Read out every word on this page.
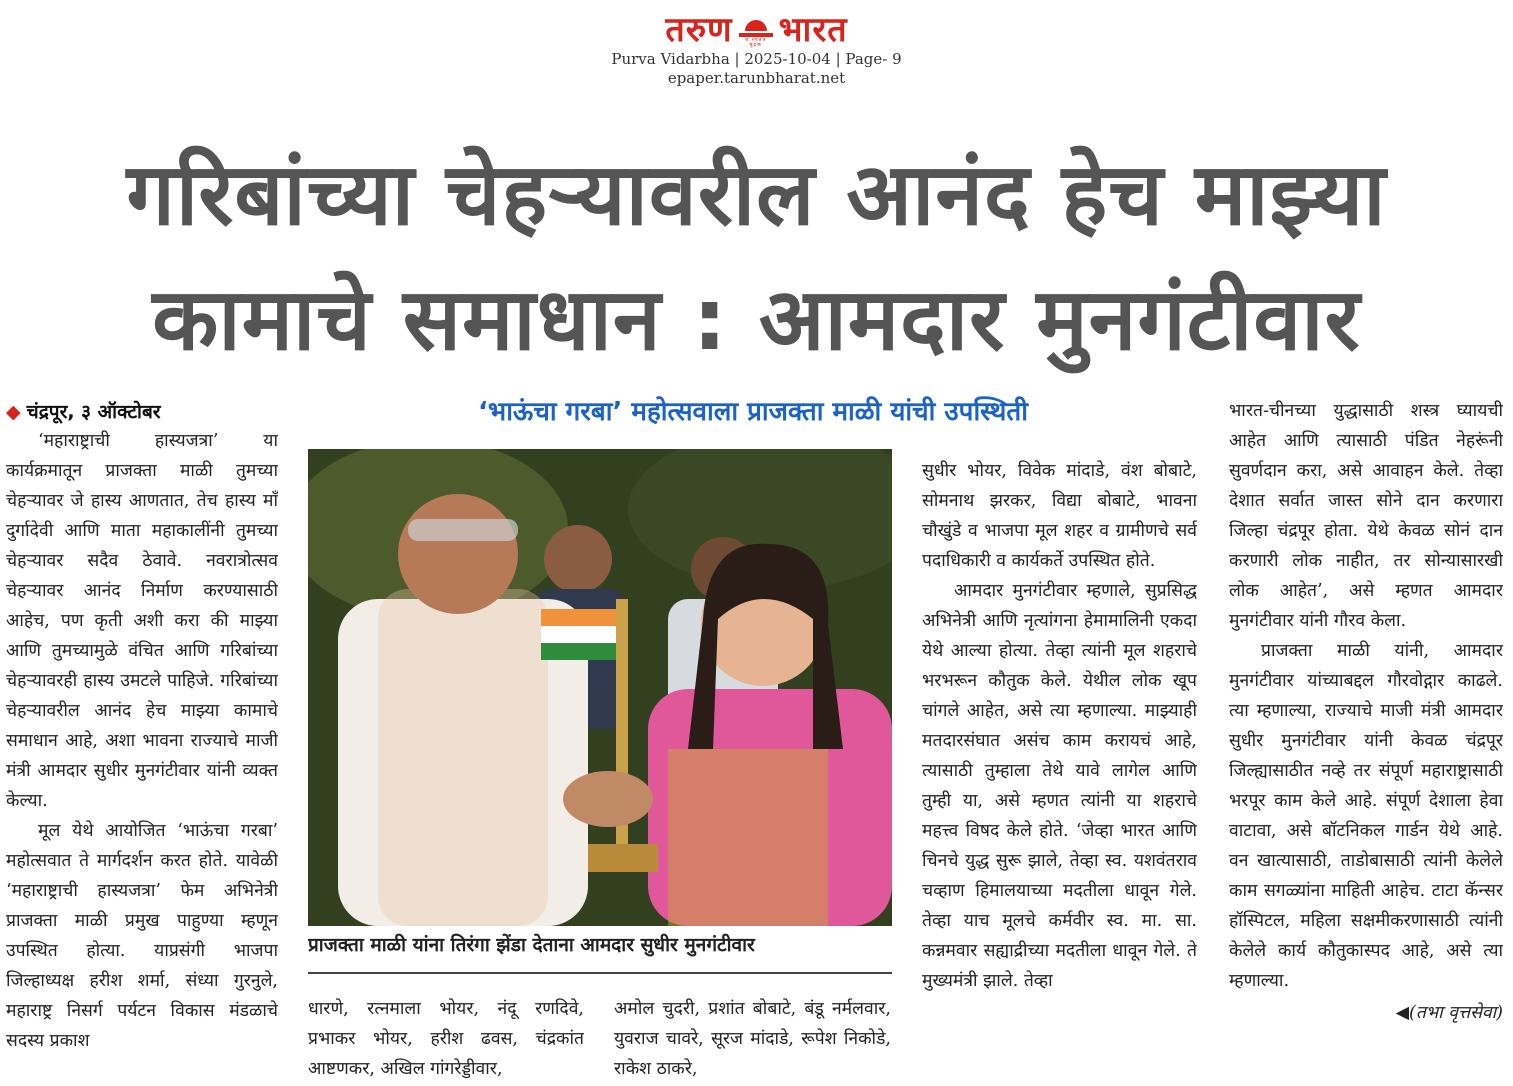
तरुण	रा.स्वतंत्र मुद्रक भारत
Purva Vidarbha | 2025-10-04 | Page- 9
epaper.tarunbharat.net
गरिबांच्या चेहऱ्यावरील आनंद हेच माझ्या
कामाचे समाधान : आमदार मुनगंटीवार
◆ चंद्रपूर, ३ ऑक्टोबर	‘भाऊंचा गरबा’ महोत्सवाला प्राजक्ता माळी यांची उपस्थिती

‘महाराष्ट्राची हास्यजत्रा’ या कार्यक्रमातून प्राजक्ता माळी तुमच्या चेहऱ्यावर जे हास्य आणतात, तेच हास्य माँ दुर्गादेवी आणि माता महाकालींनी तुमच्या चेहऱ्यावर सदैव ठेवावे. नवरात्रोत्सव चेहऱ्यावर आनंद निर्माण करण्यासाठी आहेच, पण कृती अशी करा की माझ्या आणि तुमच्यामुळे वंचित आणि गरिबांच्या चेहऱ्यावरही हास्य उमटले पाहिजे. गरिबांच्या चेहऱ्यावरील आनंद हेच माझ्या कामाचे समाधान आहे, अशा भावना राज्याचे माजी मंत्री आमदार सुधीर मुनगंटीवार यांनी व्यक्त केल्या.

मूल येथे आयोजित ‘भाऊंचा गरबा’ महोत्सवात ते मार्गदर्शन करत होते. यावेळी ‘महाराष्ट्राची हास्यजत्रा’ फेम अभिनेत्री प्राजक्ता माळी प्रमुख पाहुण्या म्हणून उपस्थित होत्या. याप्रसंगी भाजपा जिल्हाध्यक्ष हरीश शर्मा, संध्या गुरनुले, महाराष्ट्र निसर्ग पर्यटन विकास मंडळाचे सदस्य प्रकाश

प्राजक्ता माळी यांना तिरंगा झेंडा देताना आमदार सुधीर मुनगंटीवार

धारणे, रत्नमाला भोयर, नंदू रणदिवे, प्रभाकर भोयर, हरीश ढवस, चंद्रकांत आष्टणकर, अखिल गांगरेड्डीवार,

अमोल चुदरी, प्रशांत बोबाटे, बंडू नर्मलवार, युवराज चावरे, सूरज मांदाडे, रूपेश निकोडे, राकेश ठाकरे,

सुधीर भोयर, विवेक मांदाडे, वंश बोबाटे, सोमनाथ झरकर, विद्या बोबाटे, भावना चौखुंडे व भाजपा मूल शहर व ग्रामीणचे सर्व पदाधिकारी व कार्यकर्ते उपस्थित होते.

आमदार मुनगंटीवार म्हणाले, सुप्रसिद्ध अभिनेत्री आणि नृत्यांगना हेमामालिनी एकदा येथे आल्या होत्या. तेव्हा त्यांनी मूल शहराचे भरभरून कौतुक केले. येथील लोक खूप चांगले आहेत, असे त्या म्हणाल्या. माझ्याही मतदारसंघात असंच काम करायचं आहे, त्यासाठी तुम्हाला तेथे यावे लागेल आणि तुम्ही या, असे म्हणत त्यांनी या शहराचे महत्त्व विषद केले होते. ‘जेव्हा भारत आणि चिनचे युद्ध सुरू झाले, तेव्हा स्व. यशवंतराव चव्हाण हिमालयाच्या मदतीला धावून गेले. तेव्हा याच मूलचे कर्मवीर स्व. मा. सा. कन्नमवार सह्याद्रीच्या मदतीला धावून गेले. ते मुख्यमंत्री झाले. तेव्हा

भारत-चीनच्या युद्धासाठी शस्त्र घ्यायची आहेत आणि त्यासाठी पंडित नेहरूंनी सुवर्णदान करा, असे आवाहन केले. तेव्हा देशात सर्वात जास्त सोने दान करणारा जिल्हा चंद्रपूर होता. येथे केवळ सोनं दान करणारी लोक नाहीत, तर सोन्यासारखी लोक आहेत’, असे म्हणत आमदार मुनगंटीवार यांनी गौरव केला.

प्राजक्ता माळी यांनी, आमदार मुनगंटीवार यांच्याबद्दल गौरवोद्गार काढले. त्या म्हणाल्या, राज्याचे माजी मंत्री आमदार सुधीर मुनगंटीवार यांनी केवळ चंद्रपूर जिल्ह्यासाठीत नव्हे तर संपूर्ण महाराष्ट्रासाठी भरपूर काम केले आहे. संपूर्ण देशाला हेवा वाटावा, असे बॉटनिकल गार्डन येथे आहे. वन खात्यासाठी, ताडोबासाठी त्यांनी केलेले काम सगळ्यांना माहिती आहेच. टाटा कॅन्सर हॉस्पिटल, महिला सक्षमीकरणासाठी त्यांनी केलेले कार्य कौतुकास्पद आहे, असे त्या म्हणाल्या.

◀(तभा वृत्तसेवा)
